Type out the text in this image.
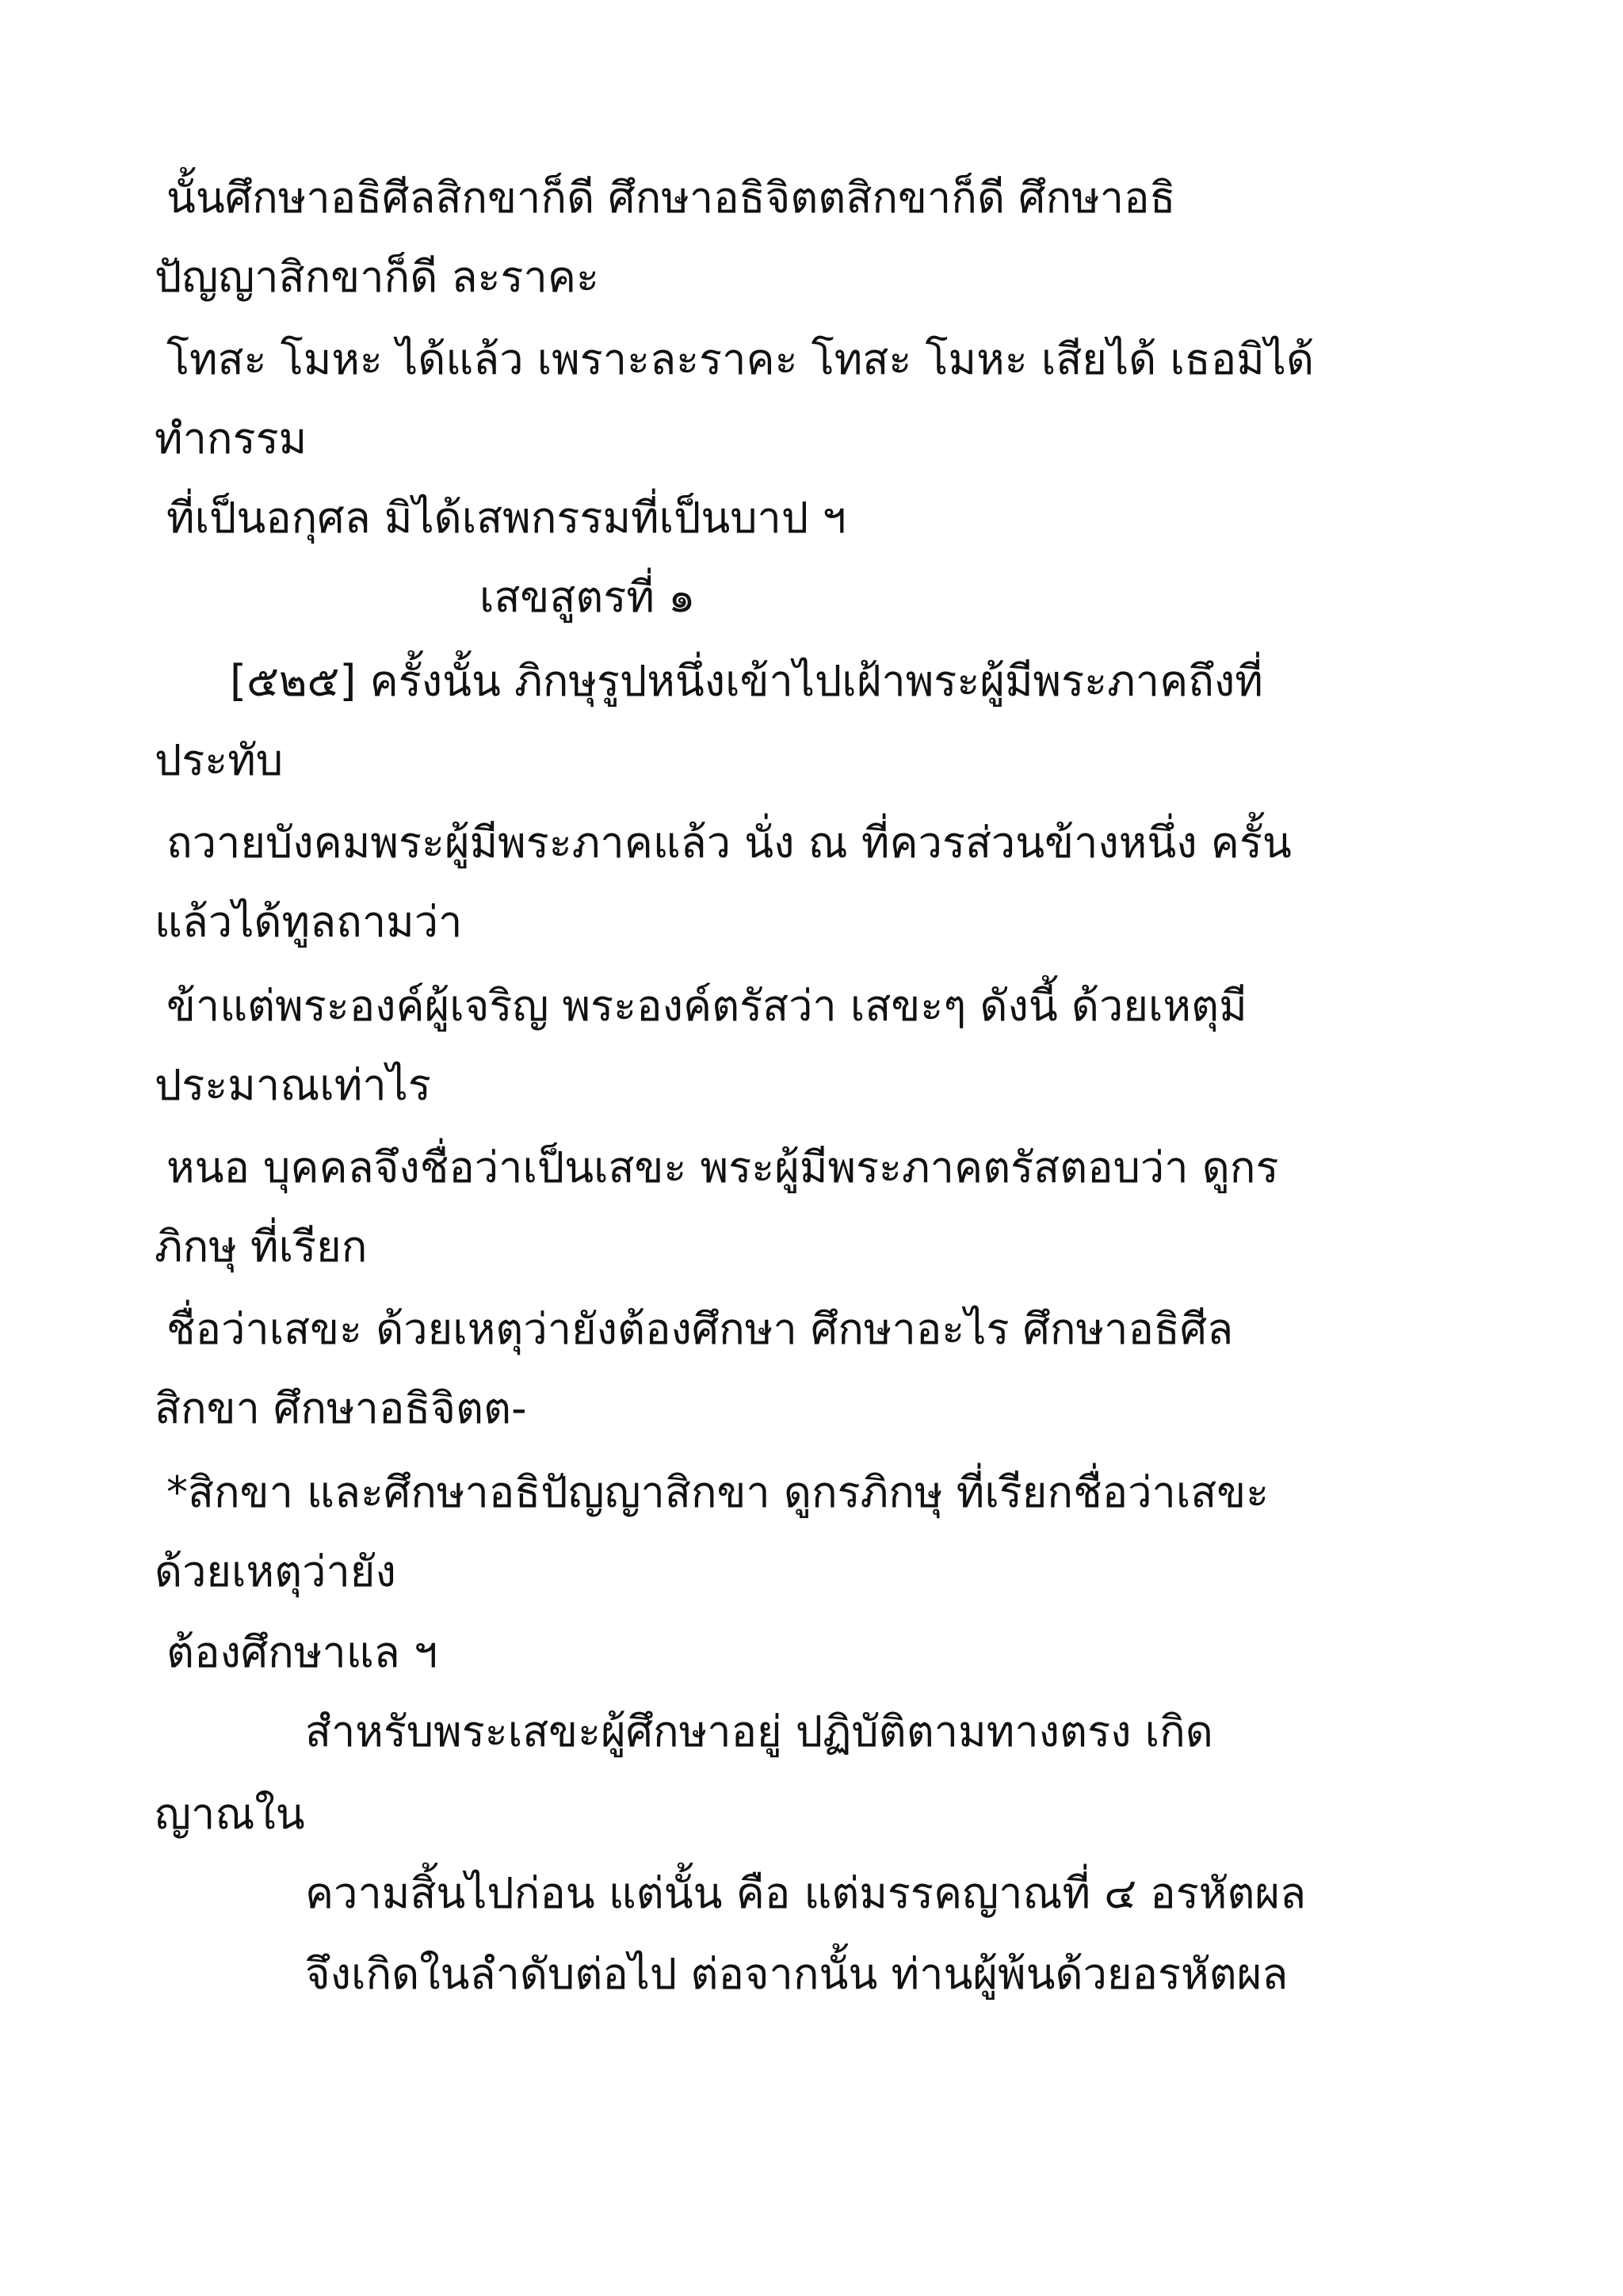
นั้นศึกษาอธิศีลสิกขาก็ดี ศึกษาอธิจิตตสิกขาก็ดี ศึกษาอธิ
ปัญญาสิกขาก็ดี ละราคะ
โทสะ โมหะ ได้แล้ว เพราะละราคะ โทสะ โมหะ เสียได้ เธอมิได้
ทำกรรม
ที่เป็นอกุศล มิได้เสพกรรมที่เป็นบาป ฯ
เสขสูตรที่ ๑
[๕๒๕] ครั้งนั้น ภิกษุรูปหนึ่งเข้าไปเฝ้าพระผู้มีพระภาคถึงที่
ประทับ
ถวายบังคมพระผู้มีพระภาคแล้ว นั่ง ณ ที่ควรส่วนข้างหนึ่ง ครั้น
แล้วได้ทูลถามว่า
ข้าแต่พระองค์ผู้เจริญ พระองค์ตรัสว่า เสขะๆ ดังนี้ ด้วยเหตุมี
ประมาณเท่าไร
หนอ บุคคลจึงชื่อว่าเป็นเสขะ พระผู้มีพระภาคตรัสตอบว่า ดูกร
ภิกษุ ที่เรียก
ชื่อว่าเสขะ ด้วยเหตุว่ายังต้องศึกษา ศึกษาอะไร ศึกษาอธิศีล
สิกขา ศึกษาอธิจิตต-
*สิกขา และศึกษาอธิปัญญาสิกขา ดูกรภิกษุ ที่เรียกชื่อว่าเสขะ
ด้วยเหตุว่ายัง
ต้องศึกษาแล ฯ
สำหรับพระเสขะผู้ศึกษาอยู่ ปฏิบัติตามทางตรง เกิด
ญาณใน
ความสิ้นไปก่อน แต่นั้น คือ แต่มรรคญาณที่ ๔ อรหัตผล
จึงเกิดในลำดับต่อไป ต่อจากนั้น ท่านผู้พ้นด้วยอรหัตผล
